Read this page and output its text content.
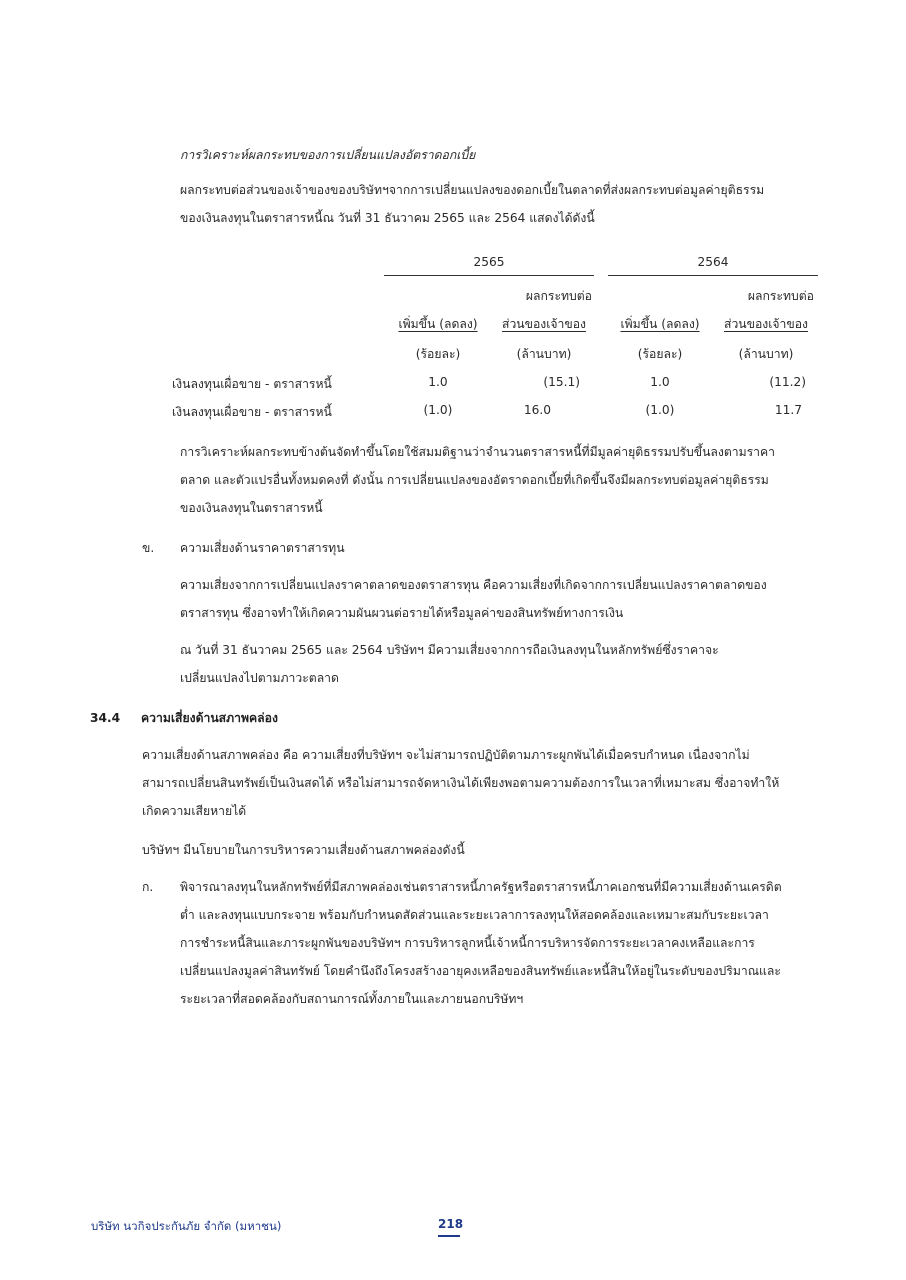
การวิเคราะห์ผลกระทบของการเปลี่ยนแปลงอัตราดอกเบี้ย
ผลกระทบต่อส่วนของเจ้าของของบริษัทฯจากการเปลี่ยนแปลงของดอกเบี้ยในตลาดที่ส่งผลกระทบต่อมูลค่ายุติธรรม
ของเงินลงทุนในตราสารหนี้ณ วันที่ 31 ธันวาคม 2565 และ 2564 แสดงได้ดังนี้
2565	2564
ผลกระทบต่อ	ผลกระทบต่อ
เพิ่มขึ้น (ลดลง)	ส่วนของเจ้าของ	เพิ่มขึ้น (ลดลง)	ส่วนของเจ้าของ
(ร้อยละ)	(ล้านบาท)	(ร้อยละ)	(ล้านบาท)
เงินลงทุนเผื่อขาย - ตราสารหนี้	1.0	(15.1)	1.0	(11.2)
เงินลงทุนเผื่อขาย - ตราสารหนี้	(1.0)	16.0	(1.0)	11.7
การวิเคราะห์ผลกระทบข้างต้นจัดทำขึ้นโดยใช้สมมติฐานว่าจำนวนตราสารหนี้ที่มีมูลค่ายุติธรรมปรับขึ้นลงตามราคา
ตลาด และตัวแปรอื่นทั้งหมดคงที่ ดังนั้น การเปลี่ยนแปลงของอัตราดอกเบี้ยที่เกิดขึ้นจึงมีผลกระทบต่อมูลค่ายุติธรรม
ของเงินลงทุนในตราสารหนี้
ข. ความเสี่ยงด้านราคาตราสารทุน
ความเสี่ยงจากการเปลี่ยนแปลงราคาตลาดของตราสารทุน คือความเสี่ยงที่เกิดจากการเปลี่ยนแปลงราคาตลาดของ
ตราสารทุน ซึ่งอาจทำให้เกิดความผันผวนต่อรายได้หรือมูลค่าของสินทรัพย์ทางการเงิน
ณ วันที่ 31 ธันวาคม 2565 และ 2564 บริษัทฯ มีความเสี่ยงจากการถือเงินลงทุนในหลักทรัพย์ซึ่งราคาจะ
เปลี่ยนแปลงไปตามภาวะตลาด
34.4 ความเสี่ยงด้านสภาพคล่อง
ความเสี่ยงด้านสภาพคล่อง คือ ความเสี่ยงที่บริษัทฯ จะไม่สามารถปฏิบัติตามภาระผูกพันได้เมื่อครบกำหนด เนื่องจากไม่
สามารถเปลี่ยนสินทรัพย์เป็นเงินสดได้ หรือไม่สามารถจัดหาเงินได้เพียงพอตามความต้องการในเวลาที่เหมาะสม ซึ่งอาจทำให้
เกิดความเสียหายได้
บริษัทฯ มีนโยบายในการบริหารความเสี่ยงด้านสภาพคล่องดังนี้
ก. พิจารณาลงทุนในหลักทรัพย์ที่มีสภาพคล่องเช่นตราสารหนี้ภาครัฐหรือตราสารหนี้ภาคเอกชนที่มีความเสี่ยงด้านเครดิต
ต่ำ และลงทุนแบบกระจาย พร้อมกับกำหนดสัดส่วนและระยะเวลาการลงทุนให้สอดคล้องและเหมาะสมกับระยะเวลา
การชำระหนี้สินและภาระผูกพันของบริษัทฯ การบริหารลูกหนี้เจ้าหนี้การบริหารจัดการระยะเวลาคงเหลือและการ
เปลี่ยนแปลงมูลค่าสินทรัพย์ โดยคำนึงถึงโครงสร้างอายุคงเหลือของสินทรัพย์และหนี้สินให้อยู่ในระดับของปริมาณและ
ระยะเวลาที่สอดคล้องกับสถานการณ์ทั้งภายในและภายนอกบริษัทฯ
บริษัท นวกิจประกันภัย จำกัด (มหาชน)	218
